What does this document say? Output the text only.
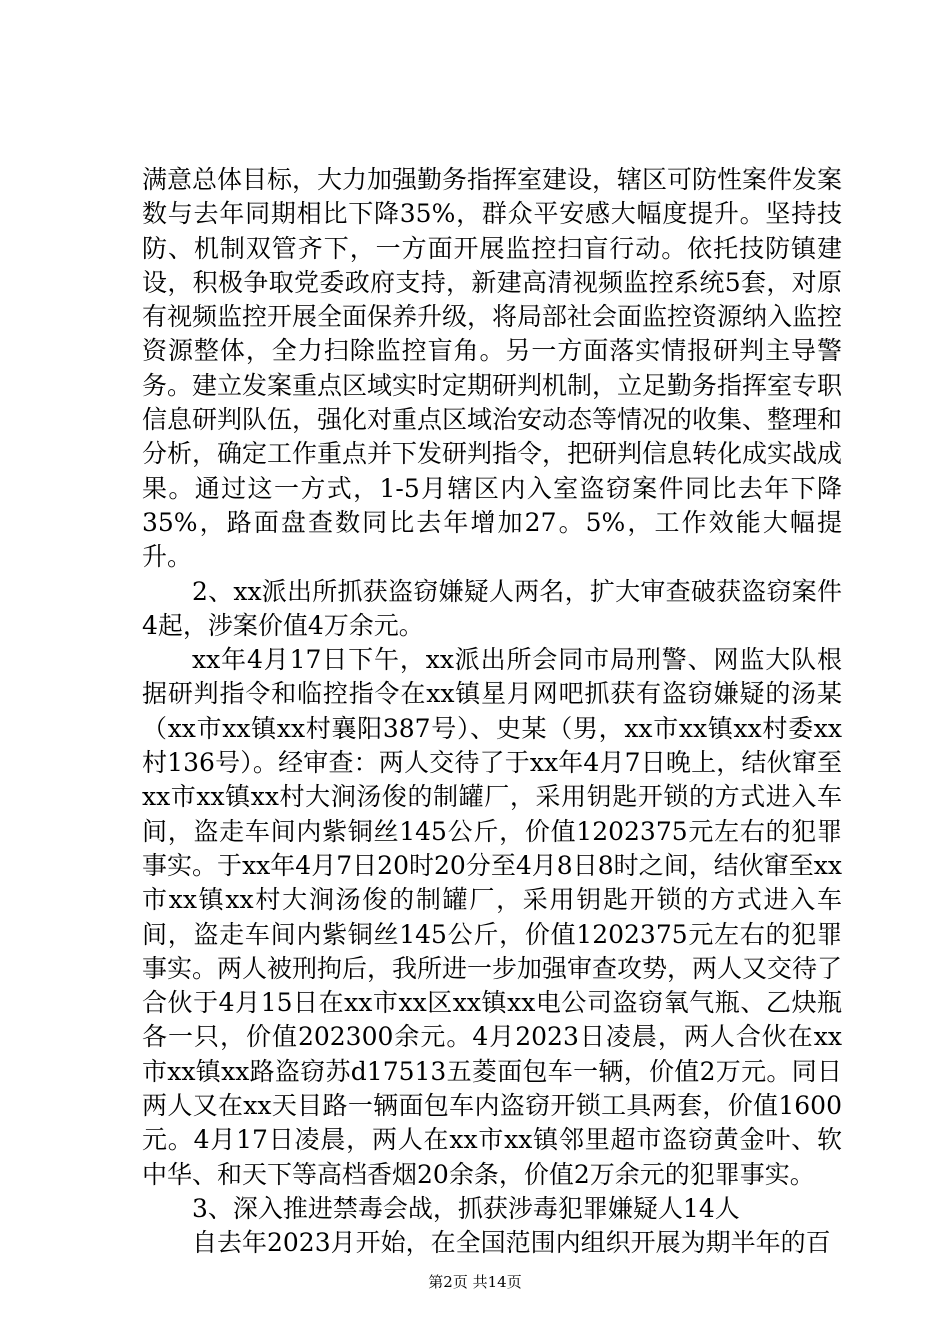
满意总体目标，大力加强勤务指挥室建设，辖区可防性案件发案数与去年同期相比下降35%，群众平安感大幅度提升。坚持技防、机制双管齐下，一方面开展监控扫盲行动。依托技防镇建设，积极争取党委政府支持，新建高清视频监控系统5套，对原有视频监控开展全面保养升级，将局部社会面监控资源纳入监控资源整体，全力扫除监控盲角。另一方面落实情报研判主导警务。建立发案重点区域实时定期研判机制，立足勤务指挥室专职信息研判队伍，强化对重点区域治安动态等情况的收集、整理和分析，确定工作重点并下发研判指令，把研判信息转化成实战成果。通过这一方式，1-5月辖区内入室盗窃案件同比去年下降35%，路面盘查数同比去年增加27。5%，工作效能大幅提升。

2、xx派出所抓获盗窃嫌疑人两名，扩大审查破获盗窃案件4起，涉案价值4万余元。

xx年4月17日下午，xx派出所会同市局刑警、网监大队根据研判指令和临控指令在xx镇星月网吧抓获有盗窃嫌疑的汤某（xx市xx镇xx村襄阳387号）、史某（男，xx市xx镇xx村委xx村136号）。经审查：两人交待了于xx年4月7日晚上，结伙窜至xx市xx镇xx村大涧汤俊的制罐厂，采用钥匙开锁的方式进入车间，盗走车间内紫铜丝145公斤，价值1202375元左右的犯罪事实。于xx年4月7日20时20分至4月8日8时之间，结伙窜至xx市xx镇xx村大涧汤俊的制罐厂，采用钥匙开锁的方式进入车间，盗走车间内紫铜丝145公斤，价值1202375元左右的犯罪事实。两人被刑拘后，我所进一步加强审查攻势，两人又交待了合伙于4月15日在xx市xx区xx镇xx电公司盗窃氧气瓶、乙炔瓶各一只，价值202300余元。4月2023日凌晨，两人合伙在xx市xx镇xx路盗窃苏d17513五菱面包车一辆，价值2万元。同日两人又在xx天目路一辆面包车内盗窃开锁工具两套，价值1600元。4月17日凌晨，两人在xx市xx镇邻里超市盗窃黄金叶、软中华、和天下等高档香烟20余条，价值2万余元的犯罪事实。

3、深入推进禁毒会战，抓获涉毒犯罪嫌疑人14人

自去年2023月开始，在全国范围内组织开展为期半年的百

第2页 共14页
